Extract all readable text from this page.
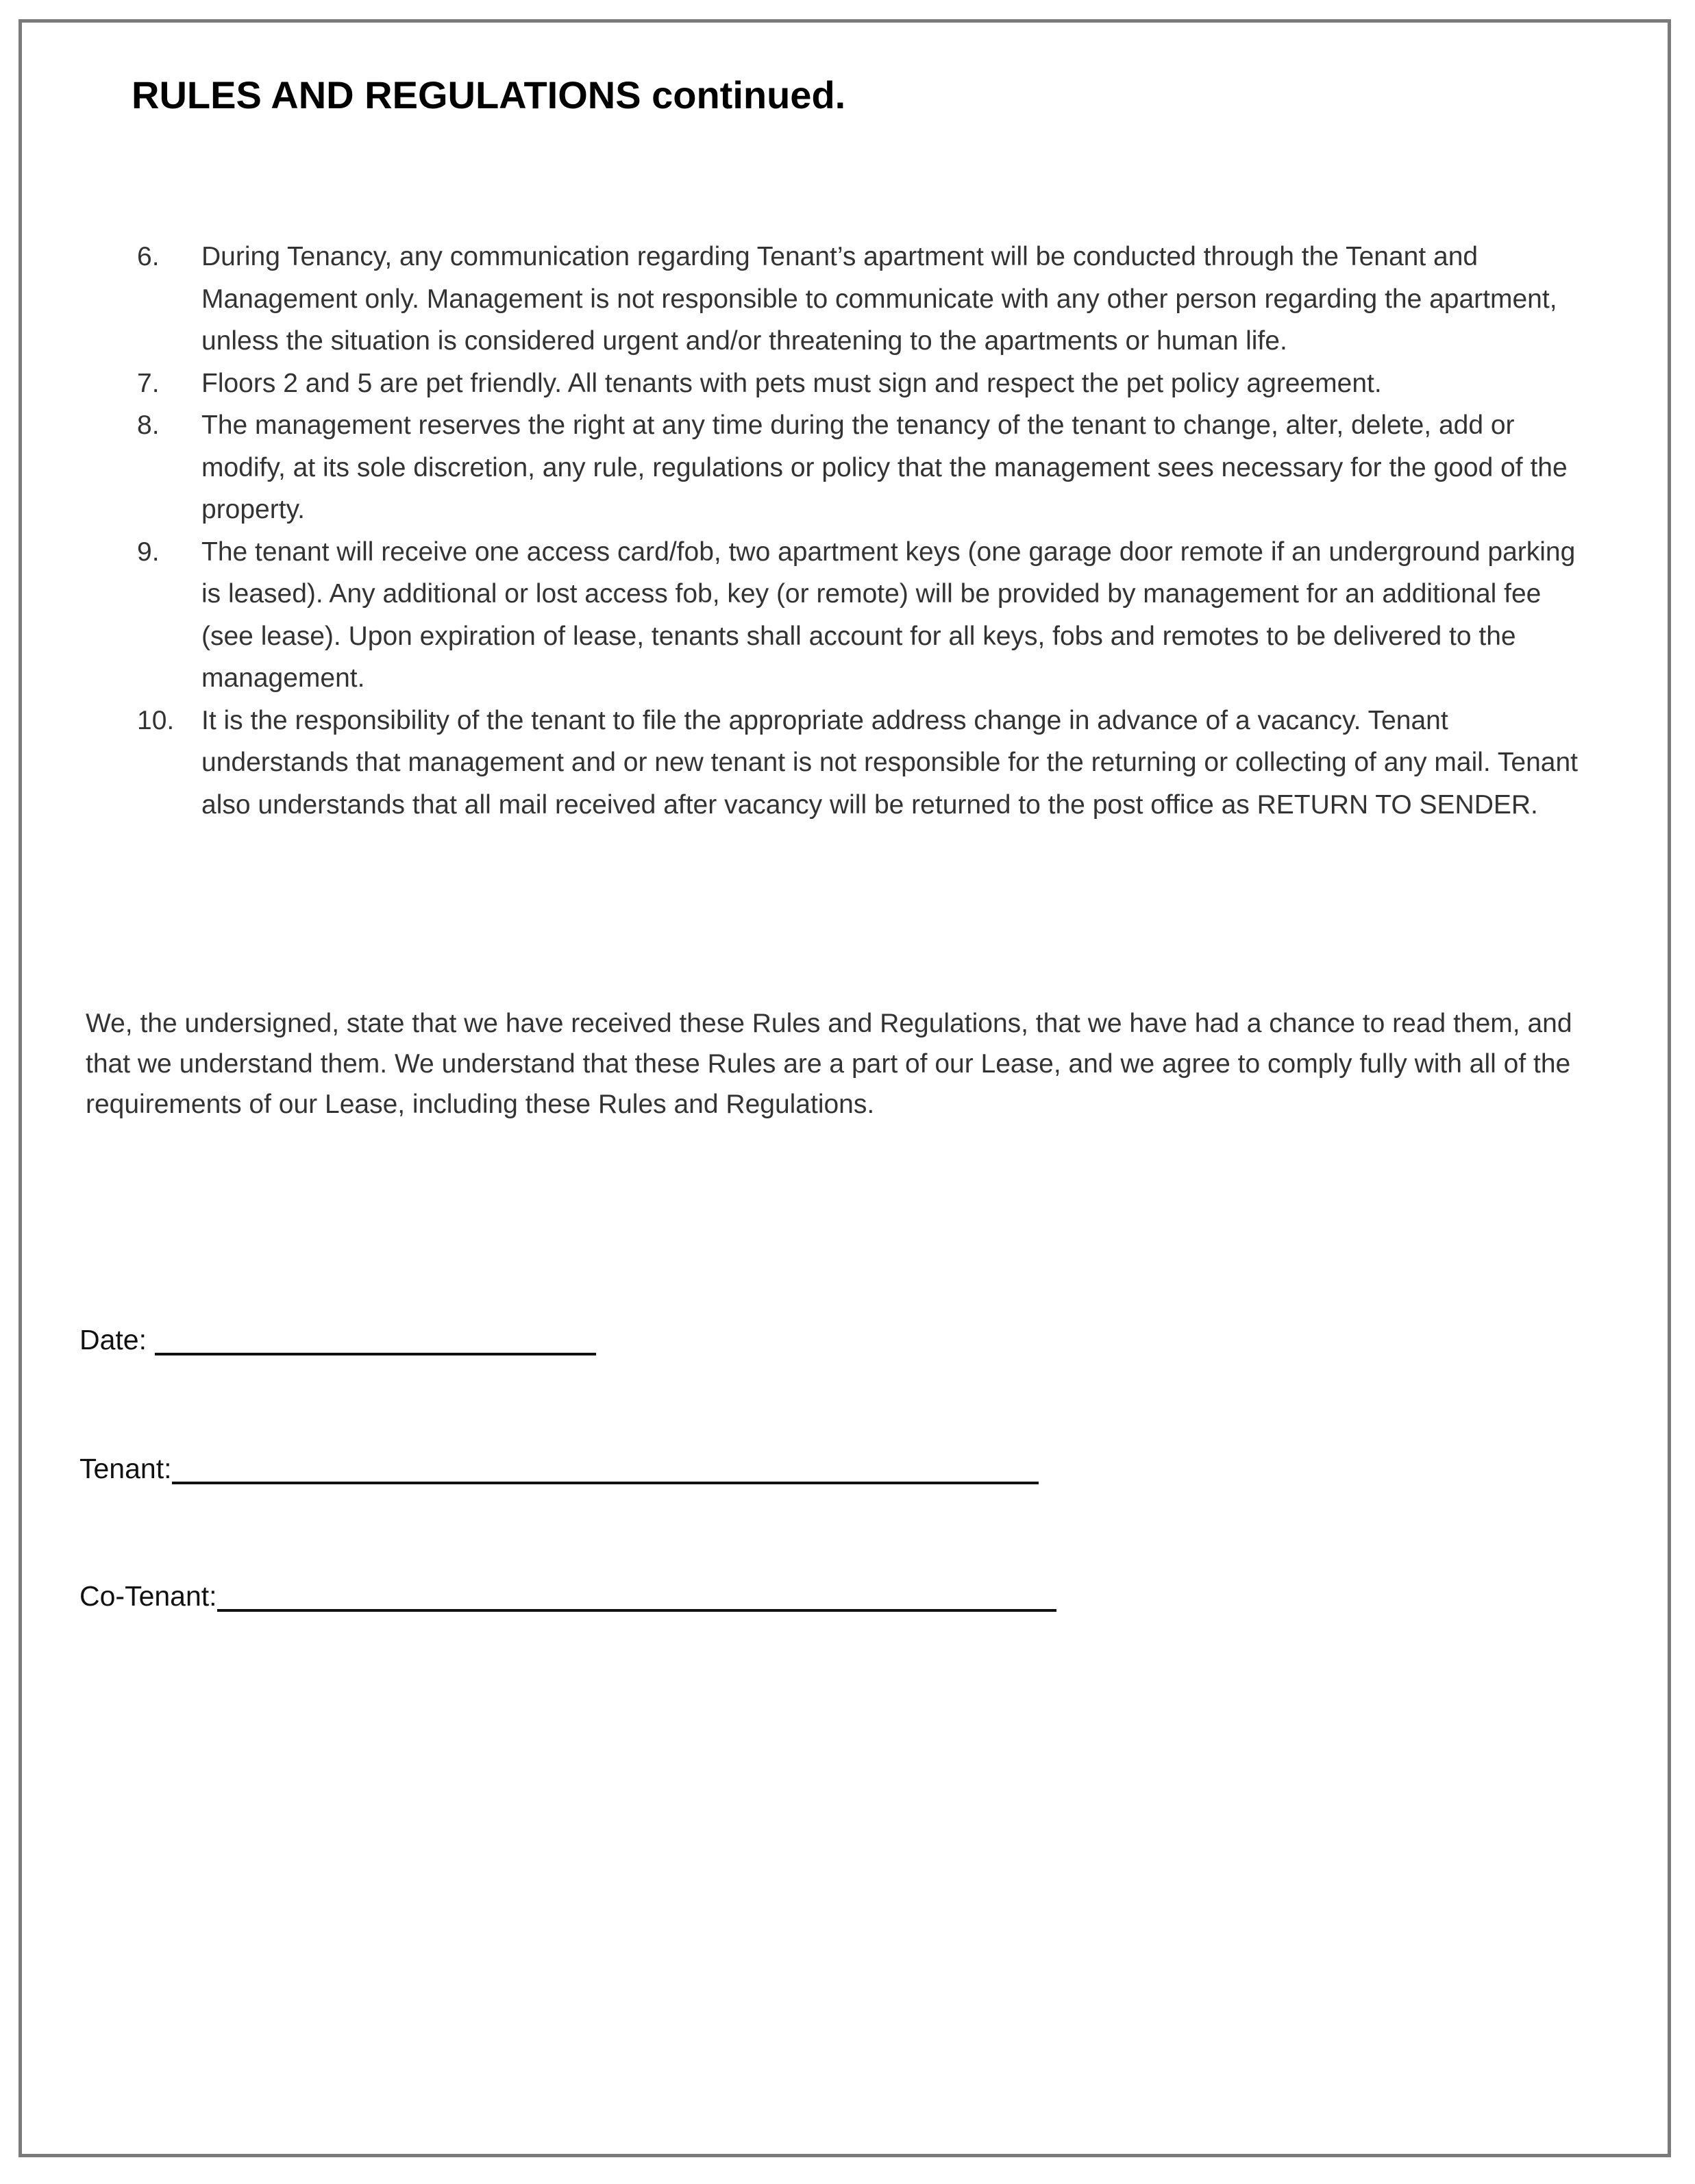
RULES AND REGULATIONS continued.
6.	During Tenancy, any communication regarding Tenant’s apartment will be conducted through the Tenant and Management only. Management is not responsible to communicate with any other person regarding the apartment, unless the situation is considered urgent and/or threatening to the apartments or human life.
7.	Floors 2 and 5 are pet friendly. All tenants with pets must sign and respect the pet policy agreement.
8.	The management reserves the right at any time during the tenancy of the tenant to change, alter, delete, add or modify, at its sole discretion, any rule, regulations or policy that the management sees necessary for the good of the property.
9.	The tenant will receive one access card/fob, two apartment keys (one garage door remote if an underground parking is leased). Any additional or lost access fob, key (or remote) will be provided by management for an additional fee (see lease). Upon expiration of lease, tenants shall account for all keys, fobs and remotes to be delivered to the management.
10.	It is the responsibility of the tenant to file the appropriate address change in advance of a vacancy. Tenant understands that management and or new tenant is not responsible for the returning or collecting of any mail. Tenant also understands that all mail received after vacancy will be returned to the post office as RETURN TO SENDER.

We, the undersigned, state that we have received these Rules and Regulations, that we have had a chance to read them, and that we understand them. We understand that these Rules are a part of our Lease, and we agree to comply fully with all of the requirements of our Lease, including these Rules and Regulations.

Date:
Tenant:
Co-Tenant:
